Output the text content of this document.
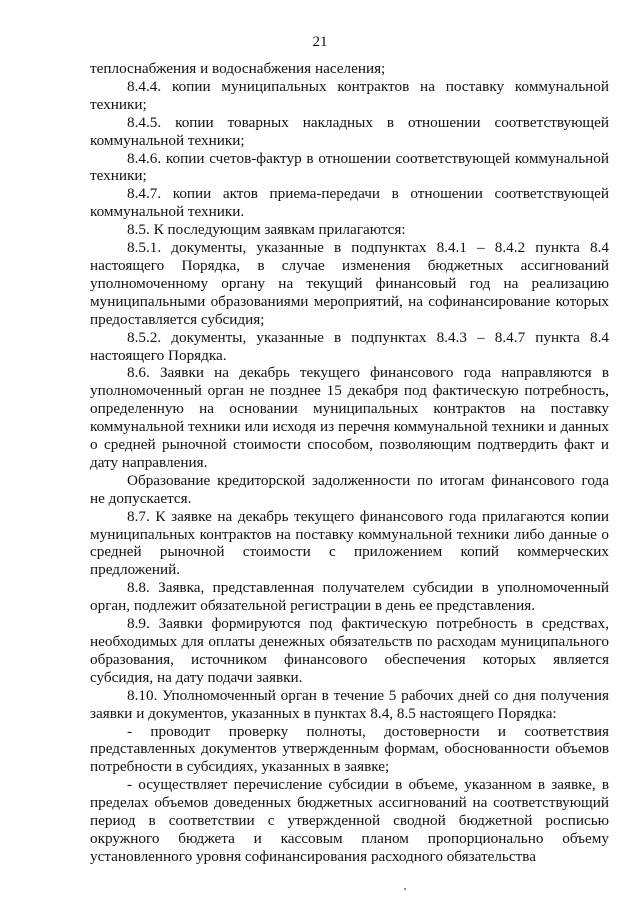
21

теплоснабжения и водоснабжения населения;

8.4.4. копии муниципальных контрактов на поставку коммунальной техники;

8.4.5. копии товарных накладных в отношении соответствующей коммунальной техники;

8.4.6. копии счетов-фактур в отношении соответствующей коммунальной техники;

8.4.7. копии актов приема-передачи в отношении соответствующей коммунальной техники.

8.5. К последующим заявкам прилагаются:

8.5.1. документы, указанные в подпунктах 8.4.1 – 8.4.2 пункта 8.4 настоящего Порядка, в случае изменения бюджетных ассигнований уполномоченному органу на текущий финансовый год на реализацию муниципальными образованиями мероприятий, на софинансирование которых предоставляется субсидия;

8.5.2. документы, указанные в подпунктах 8.4.3 – 8.4.7 пункта 8.4 настоящего Порядка.

8.6. Заявки на декабрь текущего финансового года направляются в уполномоченный орган не позднее 15 декабря под фактическую потребность, определенную на основании муниципальных контрактов на поставку коммунальной техники или исходя из перечня коммунальной техники и данных о средней рыночной стоимости способом, позволяющим подтвердить факт и дату направления.

Образование кредиторской задолженности по итогам финансового года не допускается.

8.7. К заявке на декабрь текущего финансового года прилагаются копии муниципальных контрактов на поставку коммунальной техники либо данные о средней рыночной стоимости с приложением копий коммерческих предложений.

8.8. Заявка, представленная получателем субсидии в уполномоченный орган, подлежит обязательной регистрации в день ее представления.

8.9. Заявки формируются под фактическую потребность в средствах, необходимых для оплаты денежных обязательств по расходам муниципального образования, источником финансового обеспечения которых является субсидия, на дату подачи заявки.

8.10. Уполномоченный орган в течение 5 рабочих дней со дня получения заявки и документов, указанных в пунктах 8.4, 8.5 настоящего Порядка:

- проводит проверку полноты, достоверности и соответствия представленных документов утвержденным формам, обоснованности объемов потребности в субсидиях, указанных в заявке;

- осуществляет перечисление субсидии в объеме, указанном в заявке, в пределах объемов доведенных бюджетных ассигнований на соответствующий период в соответствии с утвержденной сводной бюджетной росписью окружного бюджета и кассовым планом пропорционально объему установленного уровня софинансирования расходного обязательства
